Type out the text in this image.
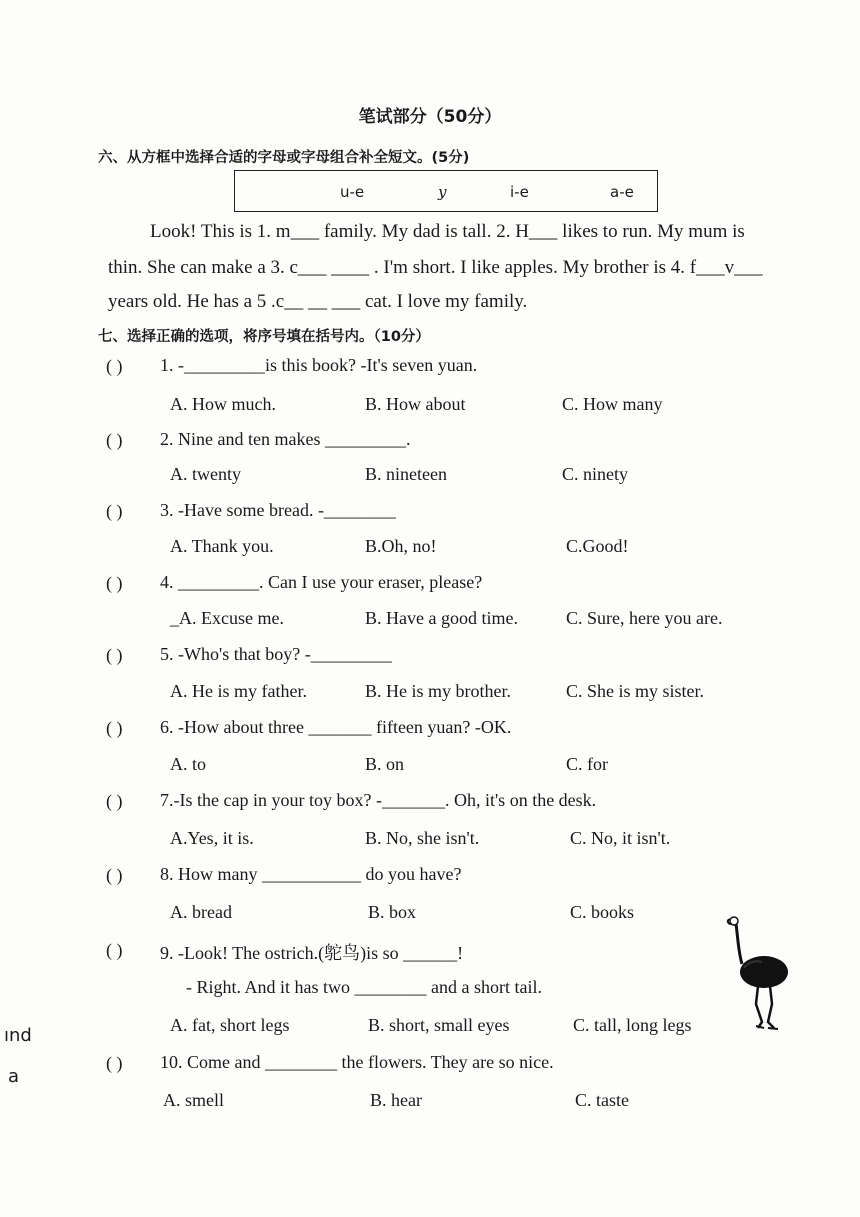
笔试部分（50分）
六、从方框中选择合适的字母或字母组合补全短文。(5分)
u-e	y	i-e	a-e
Look! This is 1. m___ family. My dad is tall. 2. H___ likes to run. My mum is
thin. She can make a 3. c___ ____ . I'm short. I like apples. My brother is 4. f___v___
years old. He has a 5 .c__ __ ___ cat. I love my family.
七、选择正确的选项，将序号填在括号内。（10分）
( ) 1. -_________is this book? -It's seven yuan.
A. How much.	B. How about	C. How many
( ) 2. Nine and ten makes _________.
A. twenty	B. nineteen	C. ninety
( ) 3. -Have some bread. -________
A. Thank you.	B.Oh, no!	C.Good!
( ) 4. _________. Can I use your eraser, please?
_A. Excuse me.	B. Have a good time.	C. Sure, here you are.
( ) 5. -Who's that boy? -_________
A. He is my father.	B. He is my brother.	C. She is my sister.
( ) 6. -How about three _______ fifteen yuan? -OK.
A. to	B. on	C. for
( ) 7.-Is the cap in your toy box? -_______. Oh, it's on the desk.
A.Yes, it is.	B. No, she isn't.	C. No, it isn't.
( ) 8. How many ___________ do you have?
A. bread	B. box	C. books
( ) 9. -Look! The ostrich.(鸵鸟)is so ______!
- Right. And it has two ________ and a short tail.
A. fat, short legs	B. short, small eyes	C. tall, long legs
( ) 10. Come and ________ the flowers. They are so nice.
A. smell	B. hear	C. taste
ınd
a
